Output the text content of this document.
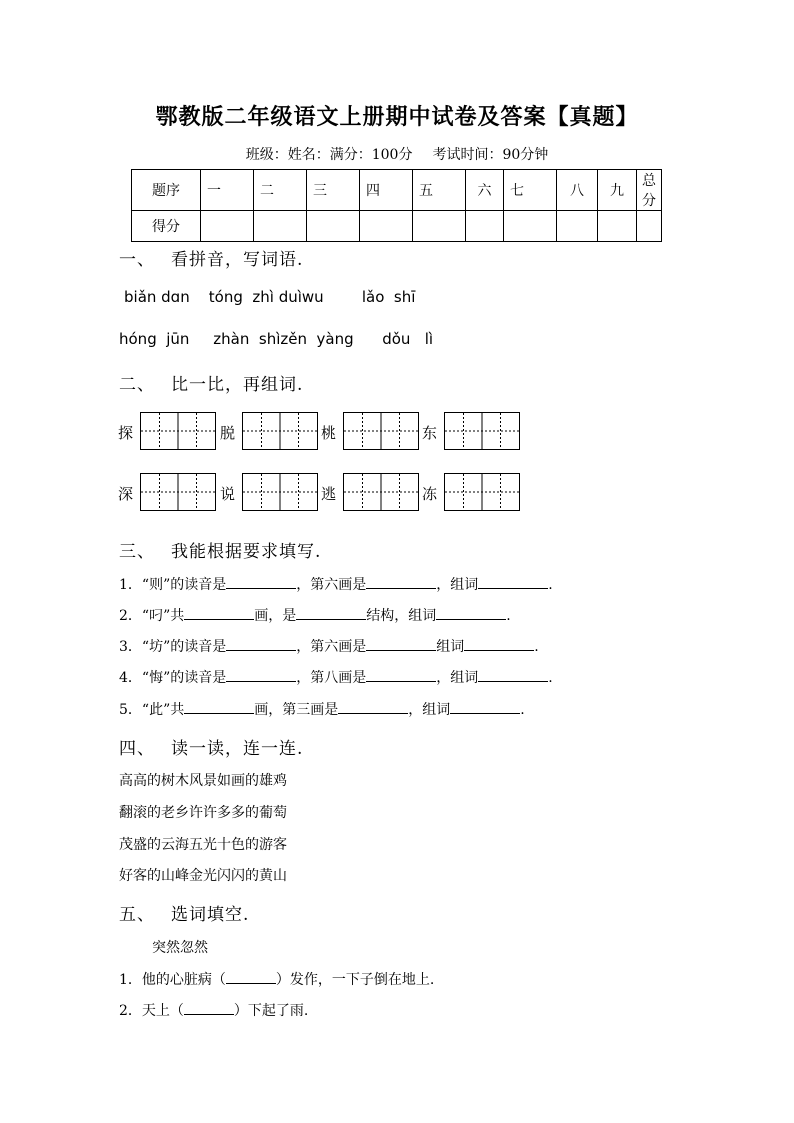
鄂教版二年级语文上册期中试卷及答案【真题】
班级：姓名：满分：100分 考试时间：90分钟
题序	一	二	三	四	五	六	七	八	九	总分
得分										
一、 看拼音，写词语.
biǎn dɑn    tóng  zhì duìwu        lǎo  shī
hóng  jūn     zhàn  shìzěn  yàng      dǒu   lì
二、 比一比，再组词.
探	脱	桃	东
深	说	逃	冻
三、 我能根据要求填写.
1．“则”的读音是	，第六画是	，组词	.
2．“叼”共	画，是	结构，组词	.
3．“坊”的读音是	，第六画是	组词	.
4．“悔”的读音是	，第八画是	，组词	.
5．“此”共	画，第三画是	，组词	.
四、 读一读，连一连.
高高的树木风景如画的雄鸡
翻滚的老乡许许多多的葡萄
茂盛的云海五光十色的游客
好客的山峰金光闪闪的黄山
五、 选词填空.
突然忽然
1．他的心脏病（	）发作，一下子倒在地上.
2．天上（	）下起了雨.
